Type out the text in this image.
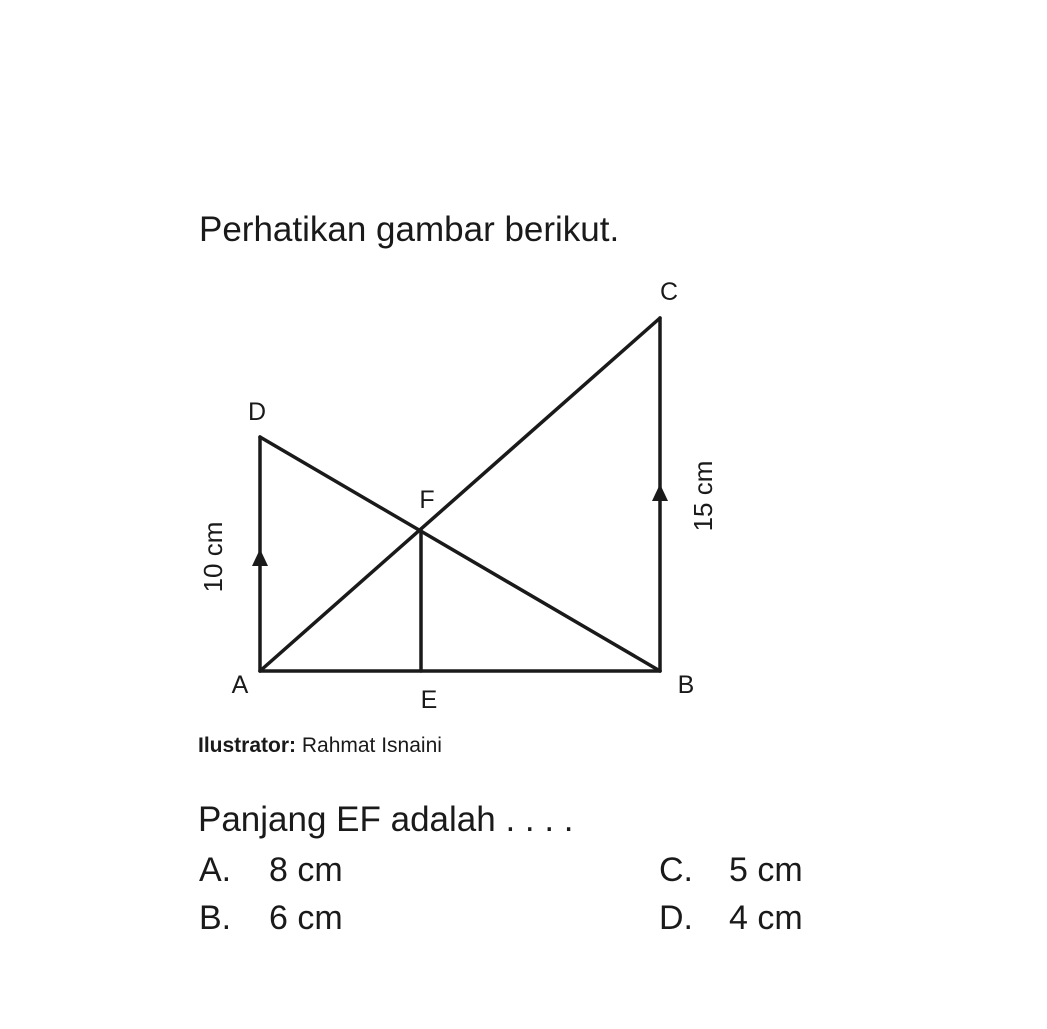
Perhatikan gambar berikut.
D
C
F
A
E
B
10 cm
15 cm
Ilustrator: Rahmat Isnaini
Panjang EF adalah . . . .
A. 8 cm
B. 6 cm
C. 5 cm
D. 4 cm
